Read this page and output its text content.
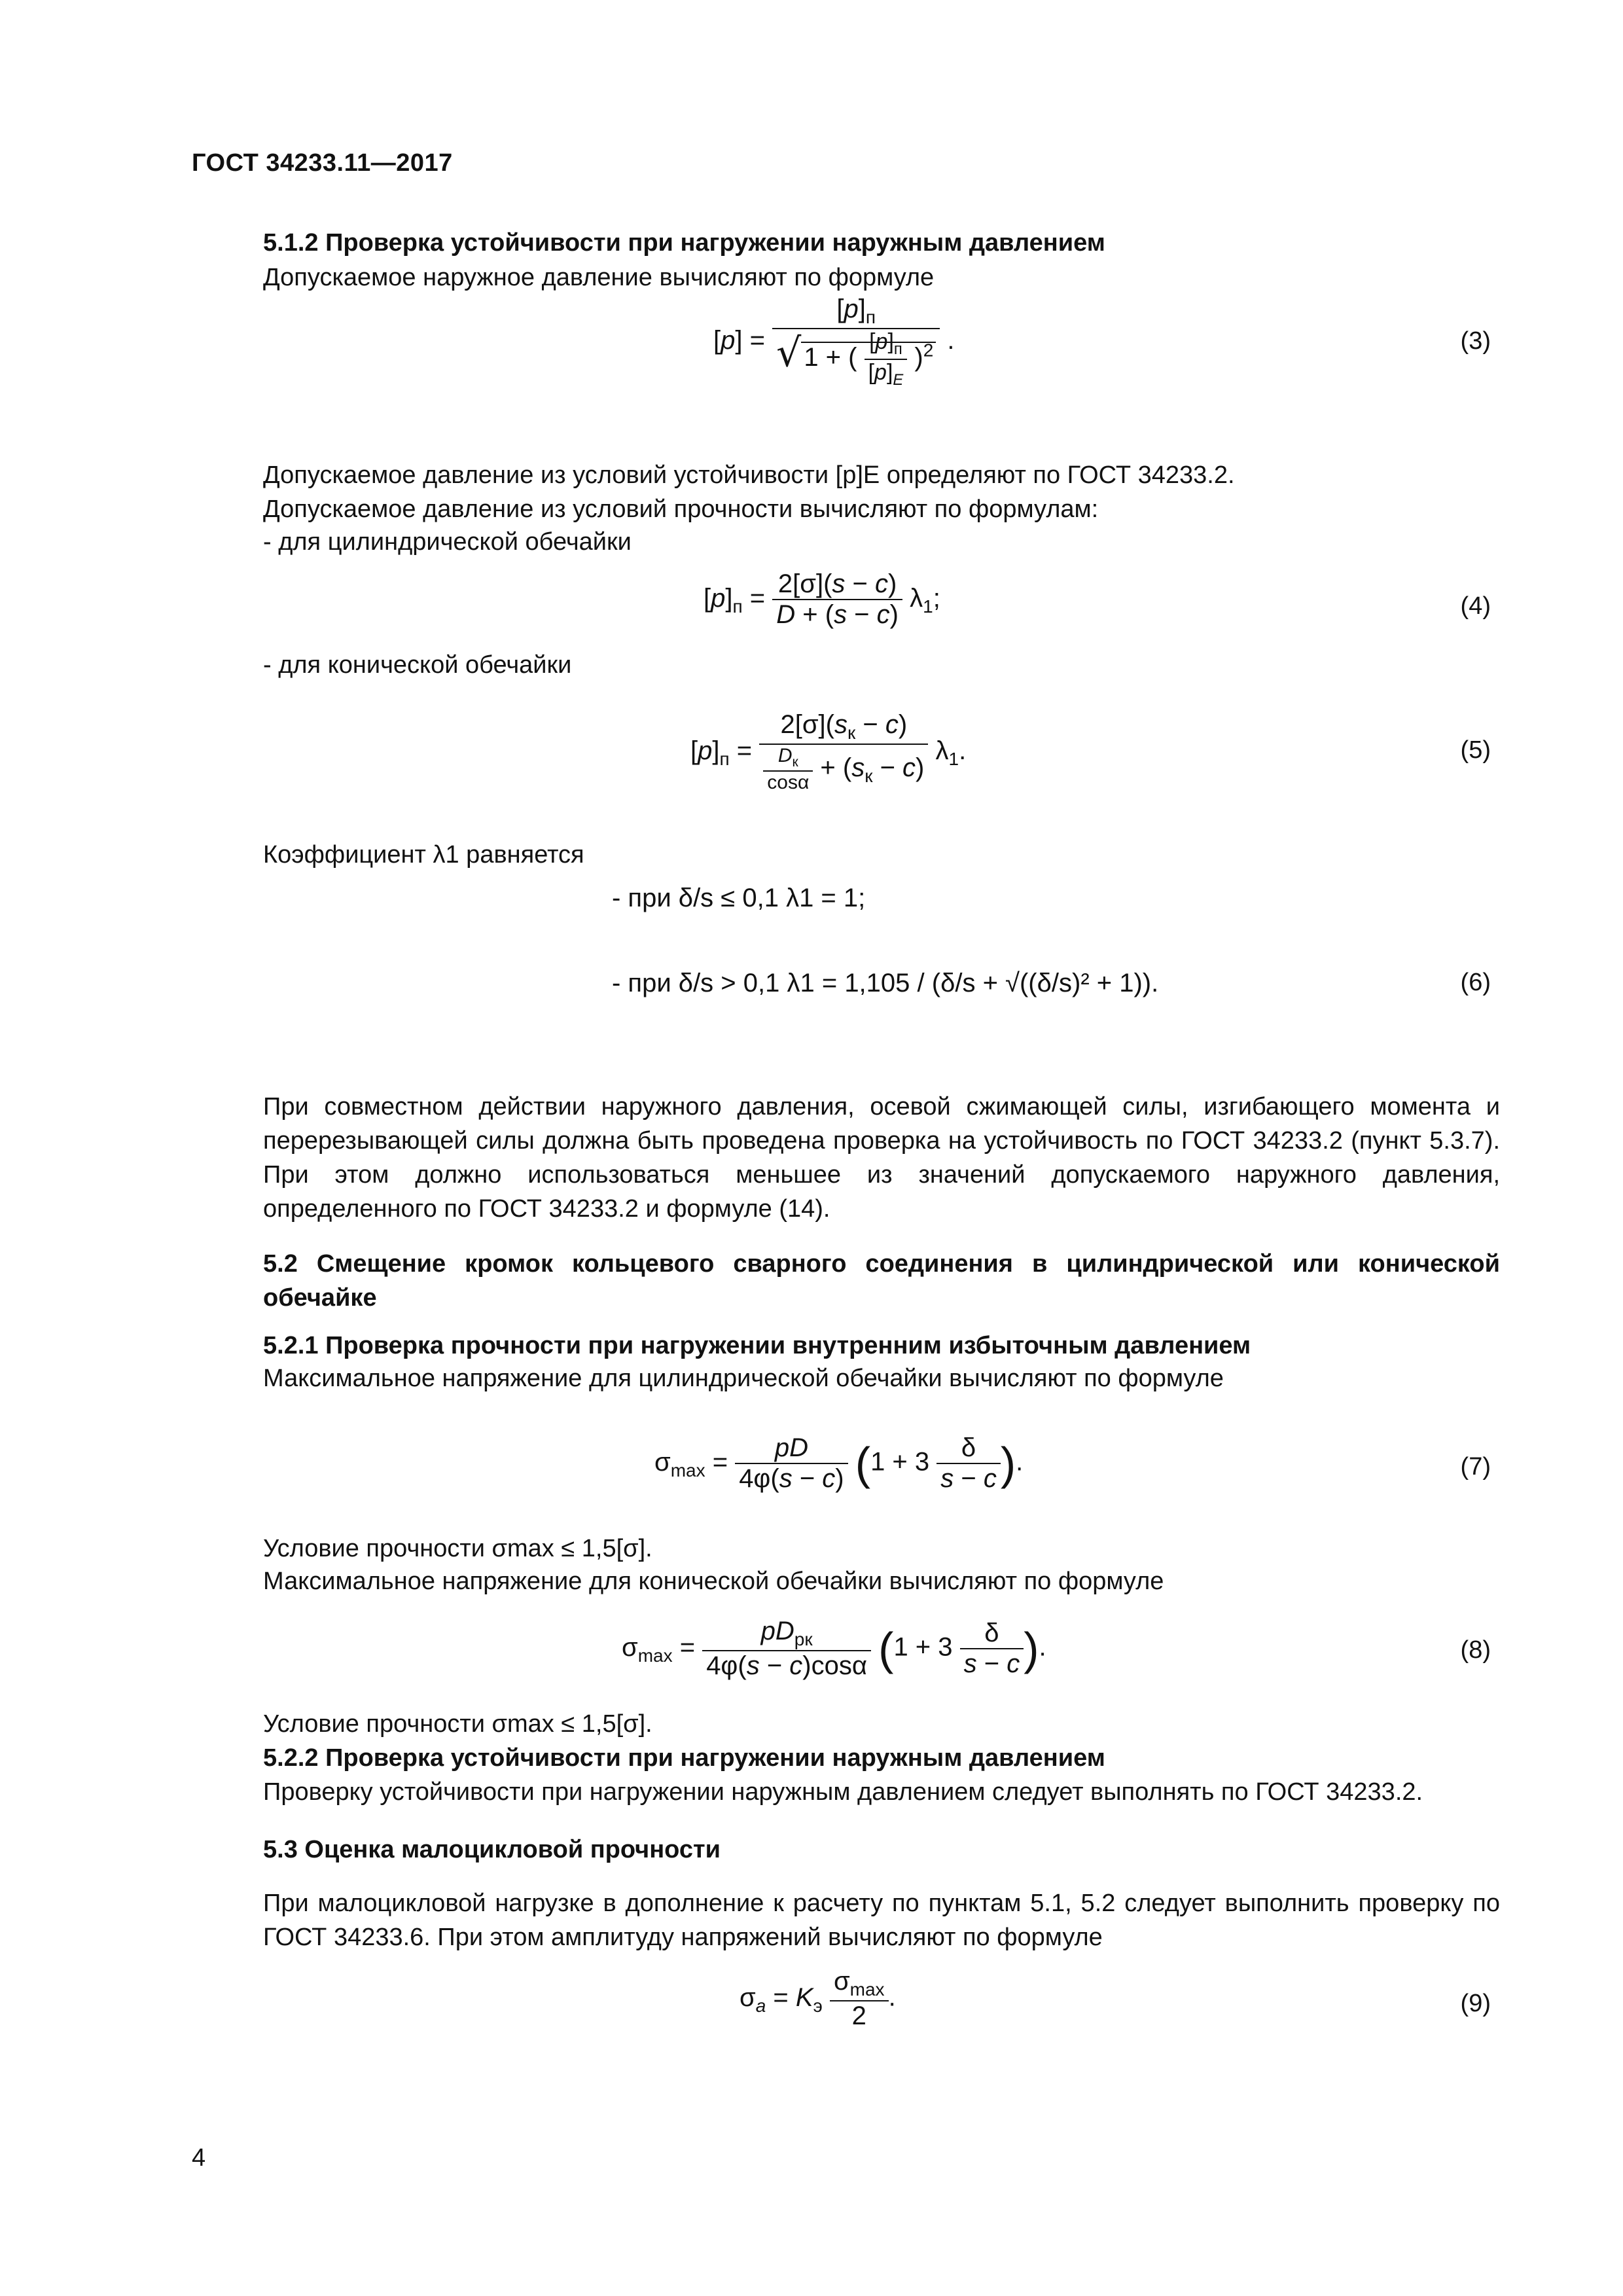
ГОСТ 34233.11—2017
5.1.2 Проверка устойчивости при нагружении наружным давлением
Допускаемое наружное давление вычисляют по формуле
$[p] = \frac{[p]_п}{√ 1 + ( \frac{[p]_п}{[p]_E} )^2}$ .	(3)
Допускаемое давление из условий устойчивости [p]E определяют по ГОСТ 34233.2.
Допускаемое давление из условий прочности вычисляют по формулам:
- для цилиндрической обечайки
$[p]_п = \frac{2[\sigma](s - c)}{D + (s - c)} \lambda_1$;	(4)
- для конической обечайки
$[p]_п = \frac{2[\sigma](s_к - c)}{\frac{D_к}{\cos\alpha} + (s_к - c)} \lambda_1$.	(5)
Коэффициент λ1 равняется
- при δ/s ≤ 0,1 λ1 = 1;
- при δ/s > 0,1 λ1 = 1,105 / (δ/s + √((δ/s)² + 1)).	(6)
При совместном действии наружного давления, осевой сжимающей силы, изгибающего момента и перерезывающей силы должна быть проведена проверка на устойчивость по ГОСТ 34233.2 (пункт 5.3.7). При этом должно использоваться меньшее из значений допускаемого наружного давления, определенного по ГОСТ 34233.2 и формуле (14).
5.2 Смещение кромок кольцевого сварного соединения в цилиндрической или конической обечайке
5.2.1 Проверка прочности при нагружении внутренним избыточным давлением
Максимальное напряжение для цилиндрической обечайки вычисляют по формуле
$\sigma_{max} = \frac{pD}{4\varphi(s - c)} (1 + 3 \frac{\delta}{s - c}$ ).	(7)
Условие прочности σmax ≤ 1,5[σ].
Максимальное напряжение для конической обечайки вычисляют по формуле
$\sigma_{max} = \frac{pD_{рк}}{4\varphi(s - c)\cos\alpha} (1 + 3 \frac{\delta}{s - c}$ ).	(8)
Условие прочности σmax ≤ 1,5[σ].
5.2.2 Проверка устойчивости при нагружении наружным давлением
Проверку устойчивости при нагружении наружным давлением следует выполнять по ГОСТ 34233.2.
5.3 Оценка малоцикловой прочности
При малоцикловой нагрузке в дополнение к расчету по пунктам 5.1, 5.2 следует выполнить проверку по ГОСТ 34233.6. При этом амплитуду напряжений вычисляют по формуле
$\sigma_a = K_э \frac{\sigma_{max}}{2}$ .	(9)
4
